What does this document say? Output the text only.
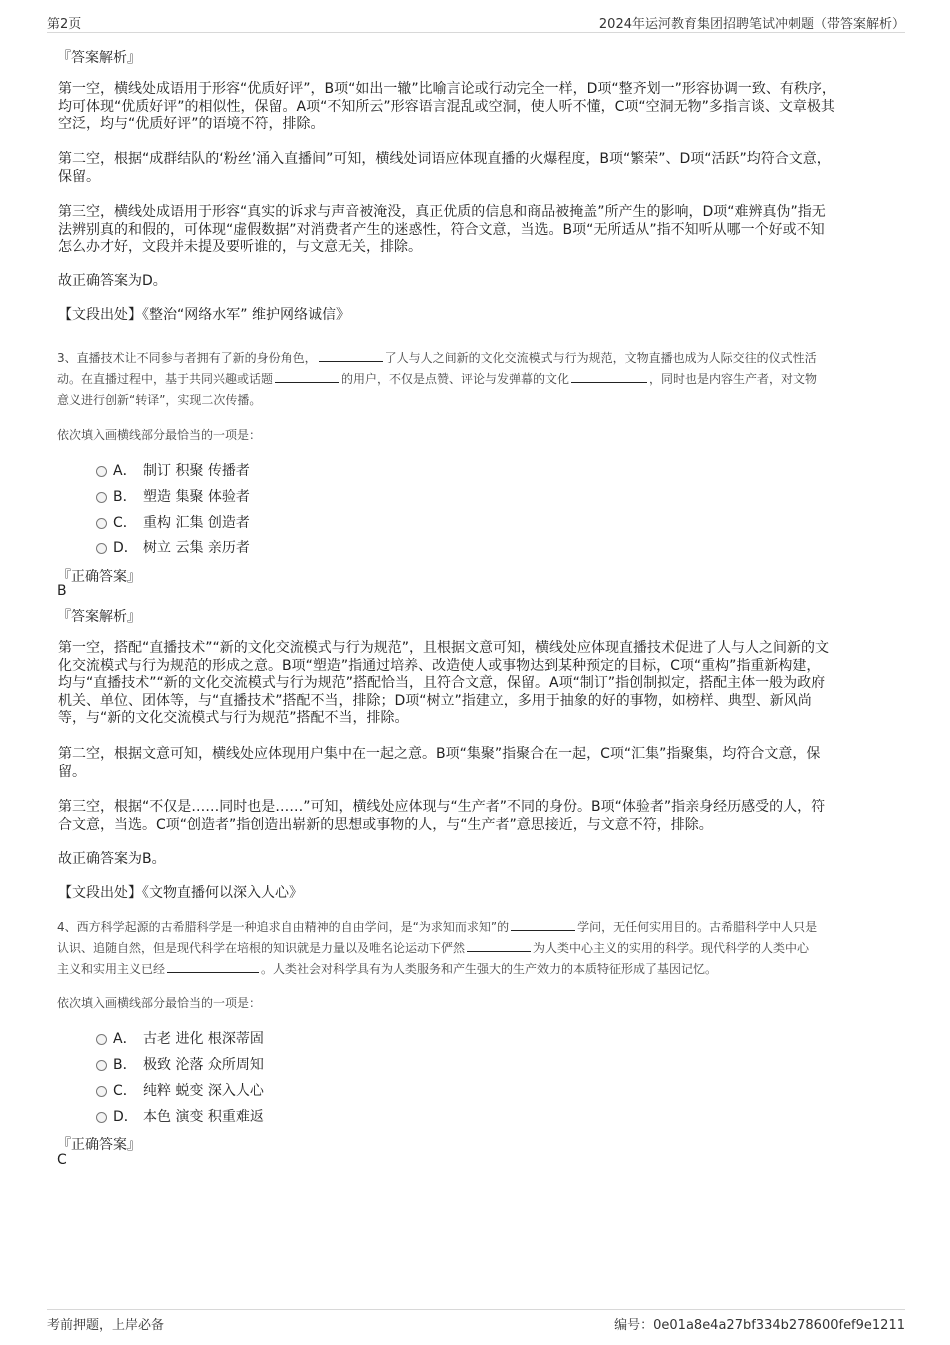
第2页	2024年运河教育集团招聘笔试冲刺题（带答案解析）
『答案解析』
第一空，横线处成语用于形容“优质好评”，B项“如出一辙”比喻言论或行动完全一样，D项“整齐划一”形容协调一致、有秩序，
均可体现“优质好评”的相似性，保留。A项“不知所云”形容语言混乱或空洞，使人听不懂，C项“空洞无物”多指言谈、文章极其
空泛，均与“优质好评”的语境不符，排除。
第二空，根据“成群结队的‘粉丝’涌入直播间”可知，横线处词语应体现直播的火爆程度，B项“繁荣”、D项“活跃”均符合文意，
保留。
第三空，横线处成语用于形容“真实的诉求与声音被淹没，真正优质的信息和商品被掩盖”所产生的影响，D项“难辨真伪”指无
法辨别真的和假的，可体现“虚假数据”对消费者产生的迷惑性，符合文意，当选。B项“无所适从”指不知听从哪一个好或不知
怎么办才好，文段并未提及要听谁的，与文意无关，排除。
故正确答案为D。
【文段出处】《整治“网络水军” 维护网络诚信》
3、直播技术让不同参与者拥有了新的身份角色，	了人与人之间新的文化交流模式与行为规范，文物直播也成为人际交往的仪式性活
动。在直播过程中，基于共同兴趣或话题	的用户，不仅是点赞、评论与发弹幕的文化	，同时也是内容生产者，对文物
意义进行创新“转译”，实现二次传播。
依次填入画横线部分最恰当的一项是：
A． 制订 积聚 传播者
B． 塑造 集聚 体验者
C． 重构 汇集 创造者
D． 树立 云集 亲历者
『正确答案』
B
『答案解析』
第一空，搭配“直播技术”“新的文化交流模式与行为规范”，且根据文意可知，横线处应体现直播技术促进了人与人之间新的文
化交流模式与行为规范的形成之意。B项“塑造”指通过培养、改造使人或事物达到某种预定的目标，C项“重构”指重新构建，
均与“直播技术”“新的文化交流模式与行为规范”搭配恰当，且符合文意，保留。A项“制订”指创制拟定，搭配主体一般为政府
机关、单位、团体等，与“直播技术”搭配不当，排除；D项“树立”指建立，多用于抽象的好的事物，如榜样、典型、新风尚
等，与“新的文化交流模式与行为规范”搭配不当，排除。
第二空，根据文意可知，横线处应体现用户集中在一起之意。B项“集聚”指聚合在一起，C项“汇集”指聚集，均符合文意，保
留。
第三空，根据“不仅是……同时也是……”可知，横线处应体现与“生产者”不同的身份。B项“体验者”指亲身经历感受的人，符
合文意，当选。C项“创造者”指创造出崭新的思想或事物的人，与“生产者”意思接近，与文意不符，排除。
故正确答案为B。
【文段出处】《文物直播何以深入人心》
4、西方科学起源的古希腊科学是一种追求自由精神的自由学问，是“为求知而求知”的	学问，无任何实用目的。古希腊科学中人只是
认识、追随自然，但是现代科学在培根的知识就是力量以及唯名论运动下俨然	为人类中心主义的实用的科学。现代科学的人类中心
主义和实用主义已经	。人类社会对科学具有为人类服务和产生强大的生产效力的本质特征形成了基因记忆。
依次填入画横线部分最恰当的一项是：
A． 古老 进化 根深蒂固
B． 极致 沦落 众所周知
C． 纯粹 蜕变 深入人心
D． 本色 演变 积重难返
『正确答案』
C
考前押题，上岸必备	编号：0e01a8e4a27bf334b278600fef9e1211
